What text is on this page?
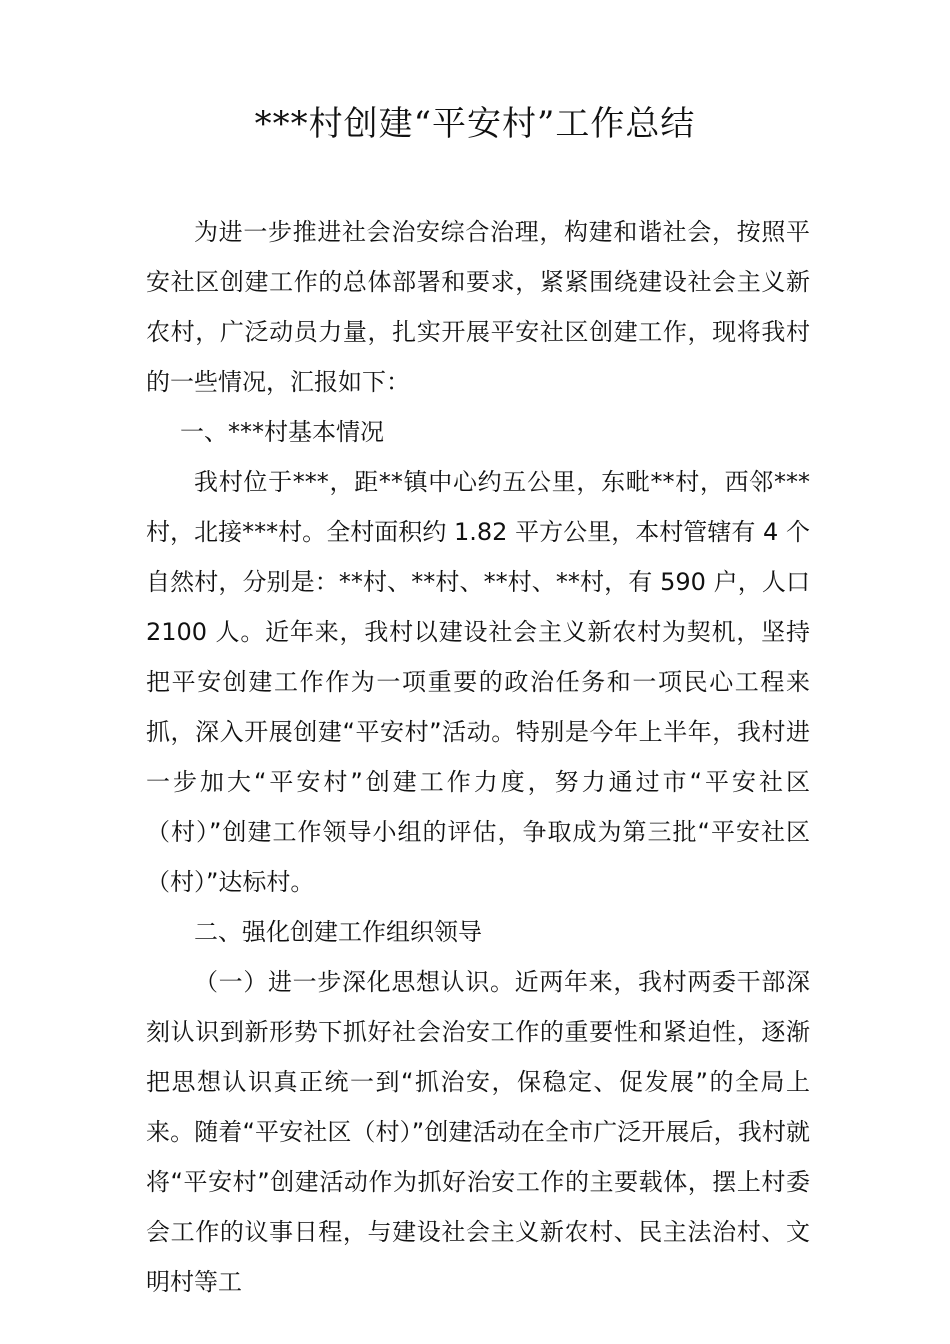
***村创建“平安村”工作总结

为进一步推进社会治安综合治理，构建和谐社会，按照平安社区创建工作的总体部署和要求，紧紧围绕建设社会主义新农村，广泛动员力量，扎实开展平安社区创建工作，现将我村的一些情况，汇报如下：

一、***村基本情况

我村位于***，距**镇中心约五公里，东毗**村，西邻***村，北接***村。全村面积约 1.82 平方公里，本村管辖有 4 个自然村，分别是：**村、**村、**村、**村，有 590 户，人口 2100 人。近年来，我村以建设社会主义新农村为契机，坚持把平安创建工作作为一项重要的政治任务和一项民心工程来抓，深入开展创建“平安村”活动。特别是今年上半年，我村进一步加大“平安村”创建工作力度，努力通过市“平安社区（村）”创建工作领导小组的评估，争取成为第三批“平安社区（村）”达标村。

二、强化创建工作组织领导

（一）进一步深化思想认识。近两年来，我村两委干部深刻认识到新形势下抓好社会治安工作的重要性和紧迫性，逐渐把思想认识真正统一到“抓治安，保稳定、促发展”的全局上来。随着“平安社区（村）”创建活动在全市广泛开展后，我村就将“平安村”创建活动作为抓好治安工作的主要载体，摆上村委会工作的议事日程，与建设社会主义新农村、民主法治村、文明村等工
